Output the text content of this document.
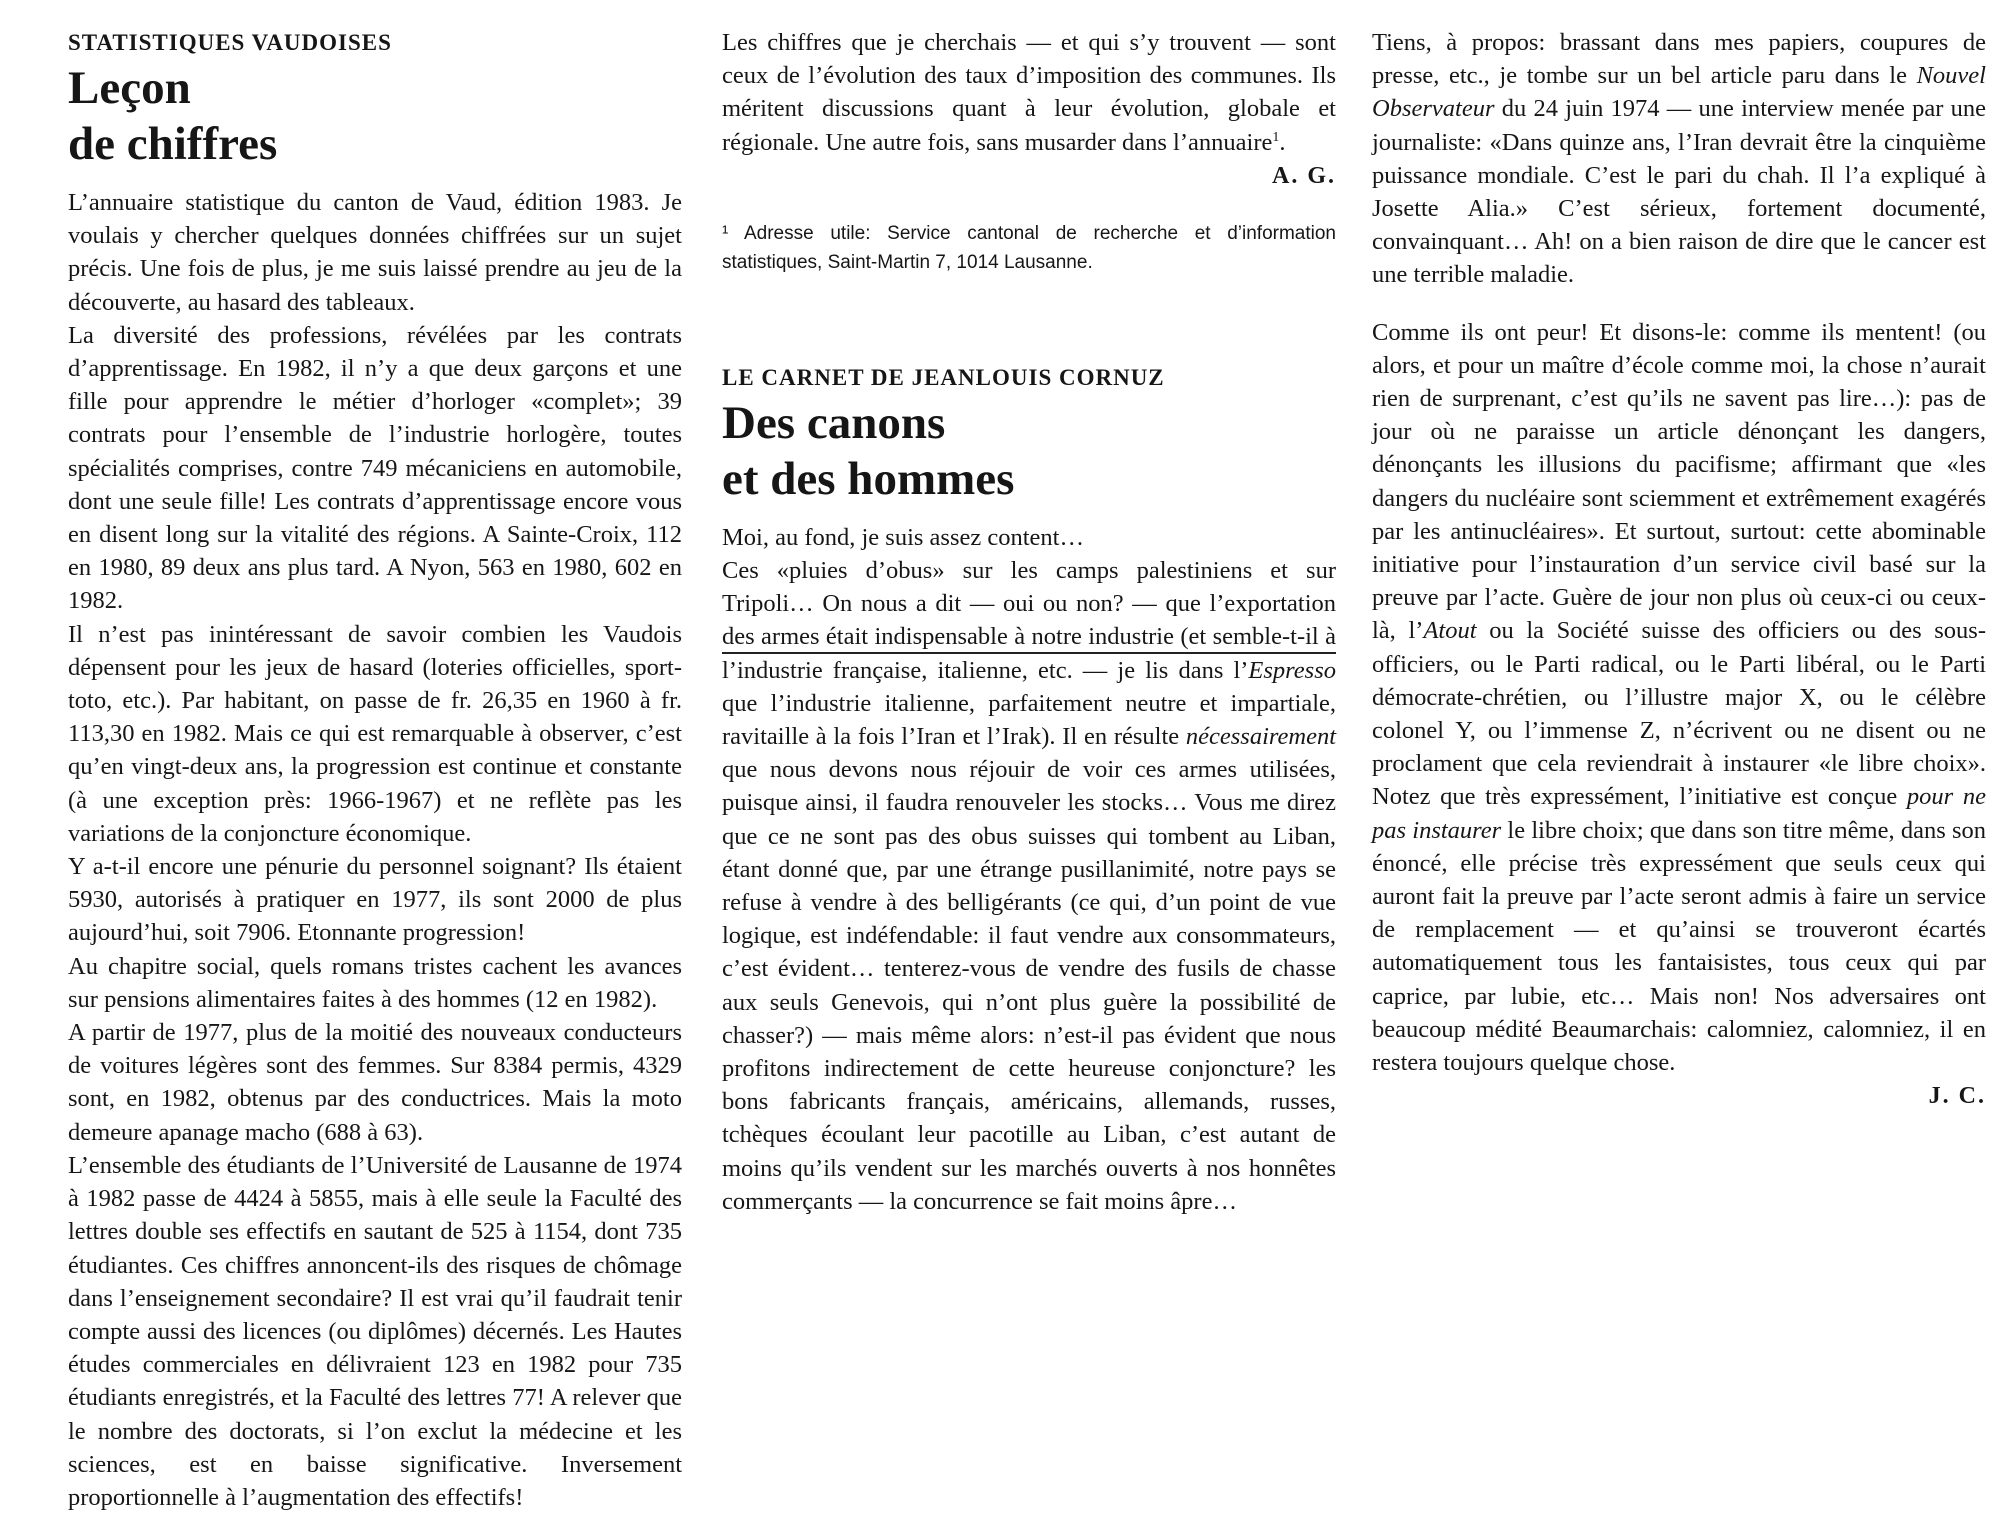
STATISTIQUES VAUDOISES
Leçon
de chiffres

L’annuaire statistique du canton de Vaud, édition 1983. Je voulais y chercher quelques données chiffrées sur un sujet précis. Une fois de plus, je me suis laissé prendre au jeu de la découverte, au hasard des tableaux.

La diversité des professions, révélées par les contrats d’apprentissage. En 1982, il n’y a que deux garçons et une fille pour apprendre le métier d’horloger «complet»; 39 contrats pour l’ensemble de l’industrie horlogère, toutes spécialités comprises, contre 749 mécaniciens en automobile, dont une seule fille! Les contrats d’apprentissage encore vous en disent long sur la vitalité des régions. A Sainte-Croix, 112 en 1980, 89 deux ans plus tard. A Nyon, 563 en 1980, 602 en 1982.

Il n’est pas inintéressant de savoir combien les Vaudois dépensent pour les jeux de hasard (loteries officielles, sport-toto, etc.). Par habitant, on passe de fr. 26,35 en 1960 à fr. 113,30 en 1982. Mais ce qui est remarquable à observer, c’est qu’en vingt-deux ans, la progression est continue et constante (à une exception près: 1966-1967) et ne reflète pas les variations de la conjoncture économique.

Y a-t-il encore une pénurie du personnel soignant? Ils étaient 5930, autorisés à pratiquer en 1977, ils sont 2000 de plus aujourd’hui, soit 7906. Etonnante progression!

Au chapitre social, quels romans tristes cachent les avances sur pensions alimentaires faites à des hommes (12 en 1982).

A partir de 1977, plus de la moitié des nouveaux conducteurs de voitures légères sont des femmes. Sur 8384 permis, 4329 sont, en 1982, obtenus par des conductrices. Mais la moto demeure apanage macho (688 à 63).

L’ensemble des étudiants de l’Université de Lausanne de 1974 à 1982 passe de 4424 à 5855, mais à elle seule la Faculté des lettres double ses effectifs en sautant de 525 à 1154, dont 735 étudiantes. Ces chiffres annoncent-ils des risques de chômage dans l’enseignement secondaire? Il est vrai qu’il faudrait tenir compte aussi des licences (ou diplômes) décernés. Les Hautes études commerciales en délivraient 123 en 1982 pour 735 étudiants enregistrés, et la Faculté des lettres 77! A relever que le nombre des doctorats, si l’on exclut la médecine et les sciences, est en baisse significative. Inversement proportionnelle à l’augmentation des effectifs!

Les chiffres que je cherchais — et qui s’y trouvent — sont ceux de l’évolution des taux d’imposition des communes. Ils méritent discussions quant à leur évolution, globale et régionale. Une autre fois, sans musarder dans l’annuaire$^1$.

A. G.

¹ Adresse utile: Service cantonal de recherche et d’information statistiques, Saint-Martin 7, 1014 Lausanne.

LE CARNET DE JEANLOUIS CORNUZ
Des canons
et des hommes

Moi, au fond, je suis assez content…

Ces «pluies d’obus» sur les camps palestiniens et sur Tripoli… On nous a dit — oui ou non? — que l’exportation des armes était indispensable à notre industrie (et semble-t-il à l’industrie française, italienne, etc. — je lis dans l’Espresso que l’industrie italienne, parfaitement neutre et impartiale, ravitaille à la fois l’Iran et l’Irak). Il en résulte nécessairement que nous devons nous réjouir de voir ces armes utilisées, puisque ainsi, il faudra renouveler les stocks… Vous me direz que ce ne sont pas des obus suisses qui tombent au Liban, étant donné que, par une étrange pusillanimité, notre pays se refuse à vendre à des belligérants (ce qui, d’un point de vue logique, est indéfendable: il faut vendre aux consommateurs, c’est évident… tenterez-vous de vendre des fusils de chasse aux seuls Genevois, qui n’ont plus guère la possibilité de chasser?) — mais même alors: n’est-il pas évident que nous profitons indirectement de cette heureuse conjoncture? les bons fabricants français, américains, allemands, russes, tchèques écoulant leur pacotille au Liban, c’est autant de moins qu’ils vendent sur les marchés ouverts à nos honnêtes commerçants — la concurrence se fait moins âpre…

Tiens, à propos: brassant dans mes papiers, coupures de presse, etc., je tombe sur un bel article paru dans le Nouvel Observateur du 24 juin 1974 — une interview menée par une journaliste: «Dans quinze ans, l’Iran devrait être la cinquième puissance mondiale. C’est le pari du chah. Il l’a expliqué à Josette Alia.» C’est sérieux, fortement documenté, convainquant… Ah! on a bien raison de dire que le cancer est une terrible maladie.

Comme ils ont peur! Et disons-le: comme ils mentent! (ou alors, et pour un maître d’école comme moi, la chose n’aurait rien de surprenant, c’est qu’ils ne savent pas lire…): pas de jour où ne paraisse un article dénonçant les dangers, dénonçants les illusions du pacifisme; affirmant que «les dangers du nucléaire sont sciemment et extrêmement exagérés par les antinucléaires». Et surtout, surtout: cette abominable initiative pour l’instauration d’un service civil basé sur la preuve par l’acte. Guère de jour non plus où ceux-ci ou ceux-là, l’Atout ou la Société suisse des officiers ou des sous-officiers, ou le Parti radical, ou le Parti libéral, ou le Parti démocrate-chrétien, ou l’illustre major X, ou le célèbre colonel Y, ou l’immense Z, n’écrivent ou ne disent ou ne proclament que cela reviendrait à instaurer «le libre choix». Notez que très expressément, l’initiative est conçue pour ne pas instaurer le libre choix; que dans son titre même, dans son énoncé, elle précise très expressément que seuls ceux qui auront fait la preuve par l’acte seront admis à faire un service de remplacement — et qu’ainsi se trouveront écartés automatiquement tous les fantaisistes, tous ceux qui par caprice, par lubie, etc… Mais non! Nos adversaires ont beaucoup médité Beaumarchais: calomniez, calomniez, il en restera toujours quelque chose.

J. C.
